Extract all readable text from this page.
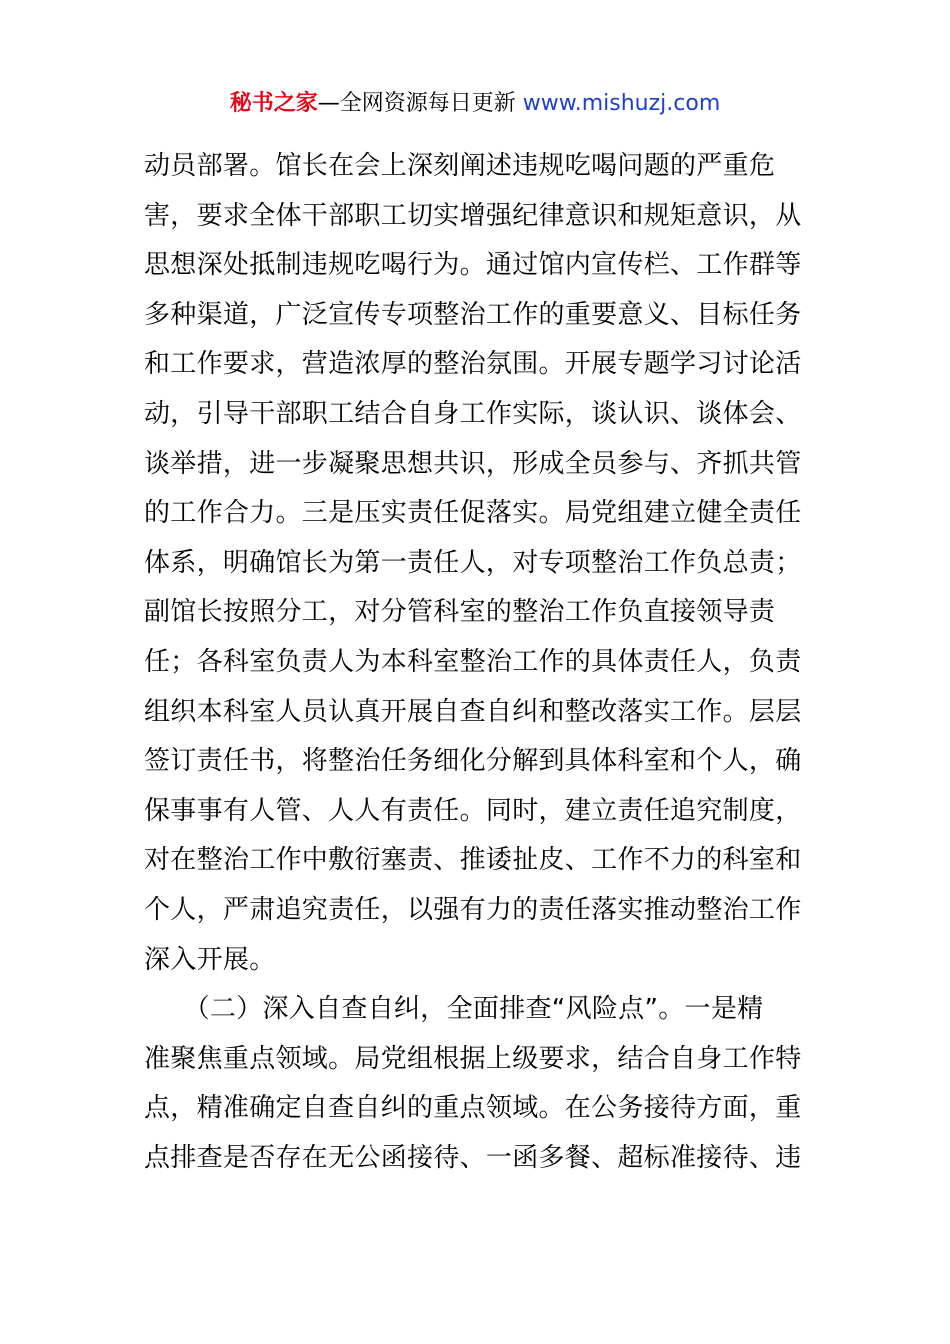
秘书之家—全网资源每日更新 www.mishuzj.com
动员部署。馆长在会上深刻阐述违规吃喝问题的严重危
害，要求全体干部职工切实增强纪律意识和规矩意识，从
思想深处抵制违规吃喝行为。通过馆内宣传栏、工作群等
多种渠道，广泛宣传专项整治工作的重要意义、目标任务
和工作要求，营造浓厚的整治氛围。开展专题学习讨论活
动，引导干部职工结合自身工作实际，谈认识、谈体会、
谈举措，进一步凝聚思想共识，形成全员参与、齐抓共管
的工作合力。三是压实责任促落实。局党组建立健全责任
体系，明确馆长为第一责任人，对专项整治工作负总责；
副馆长按照分工，对分管科室的整治工作负直接领导责
任；各科室负责人为本科室整治工作的具体责任人，负责
组织本科室人员认真开展自查自纠和整改落实工作。层层
签订责任书，将整治任务细化分解到具体科室和个人，确
保事事有人管、人人有责任。同时，建立责任追究制度，
对在整治工作中敷衍塞责、推诿扯皮、工作不力的科室和
个人，严肃追究责任，以强有力的责任落实推动整治工作
深入开展。
　　（二）深入自查自纠，全面排查“风险点”。一是精
准聚焦重点领域。局党组根据上级要求，结合自身工作特
点，精准确定自查自纠的重点领域。在公务接待方面，重
点排查是否存在无公函接待、一函多餐、超标准接待、违
